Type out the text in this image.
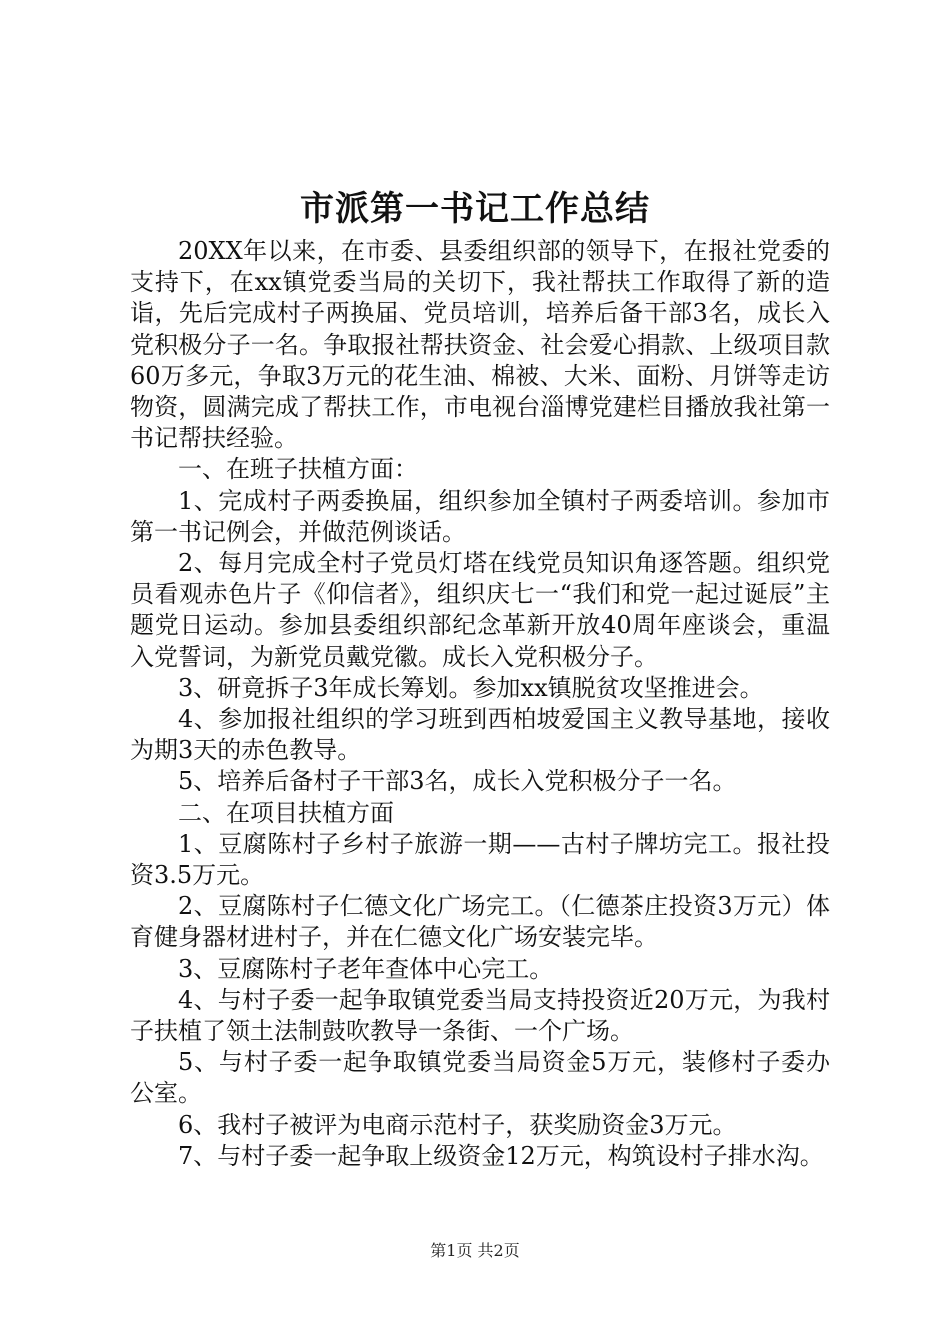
市派第一书记工作总结

20XX年以来，在市委、县委组织部的领导下，在报社党委的支持下，在xx镇党委当局的关切下，我社帮扶工作取得了新的造诣，先后完成村子两换届、党员培训，培养后备干部3名，成长入党积极分子一名。争取报社帮扶资金、社会爱心捐款、上级项目款60万多元，争取3万元的花生油、棉被、大米、面粉、月饼等走访物资，圆满完成了帮扶工作，市电视台淄博党建栏目播放我社第一书记帮扶经验。

一、在班子扶植方面：

1、完成村子两委换届，组织参加全镇村子两委培训。参加市第一书记例会，并做范例谈话。

2、每月完成全村子党员灯塔在线党员知识角逐答题。组织党员看观赤色片子《仰信者》，组织庆七一“我们和党一起过诞辰”主题党日运动。参加县委组织部纪念革新开放40周年座谈会，重温入党誓词，为新党员戴党徽。成长入党积极分子。

3、研竟拆子3年成长筹划。参加xx镇脱贫攻坚推进会。

4、参加报社组织的学习班到西柏坡爱国主义教导基地，接收为期3天的赤色教导。

5、培养后备村子干部3名，成长入党积极分子一名。

二、在项目扶植方面

1、豆腐陈村子乡村子旅游一期——古村子牌坊完工。报社投资3.5万元。

2、豆腐陈村子仁德文化广场完工。（仁德茶庄投资3万元）体育健身器材进村子，并在仁德文化广场安装完毕。

3、豆腐陈村子老年查体中心完工。

4、与村子委一起争取镇党委当局支持投资近20万元，为我村子扶植了领土法制鼓吹教导一条街、一个广场。

5、与村子委一起争取镇党委当局资金5万元，装修村子委办公室。

6、我村子被评为电商示范村子，获奖励资金3万元。

7、与村子委一起争取上级资金12万元，构筑设村子排水沟。

第1页 共2页
